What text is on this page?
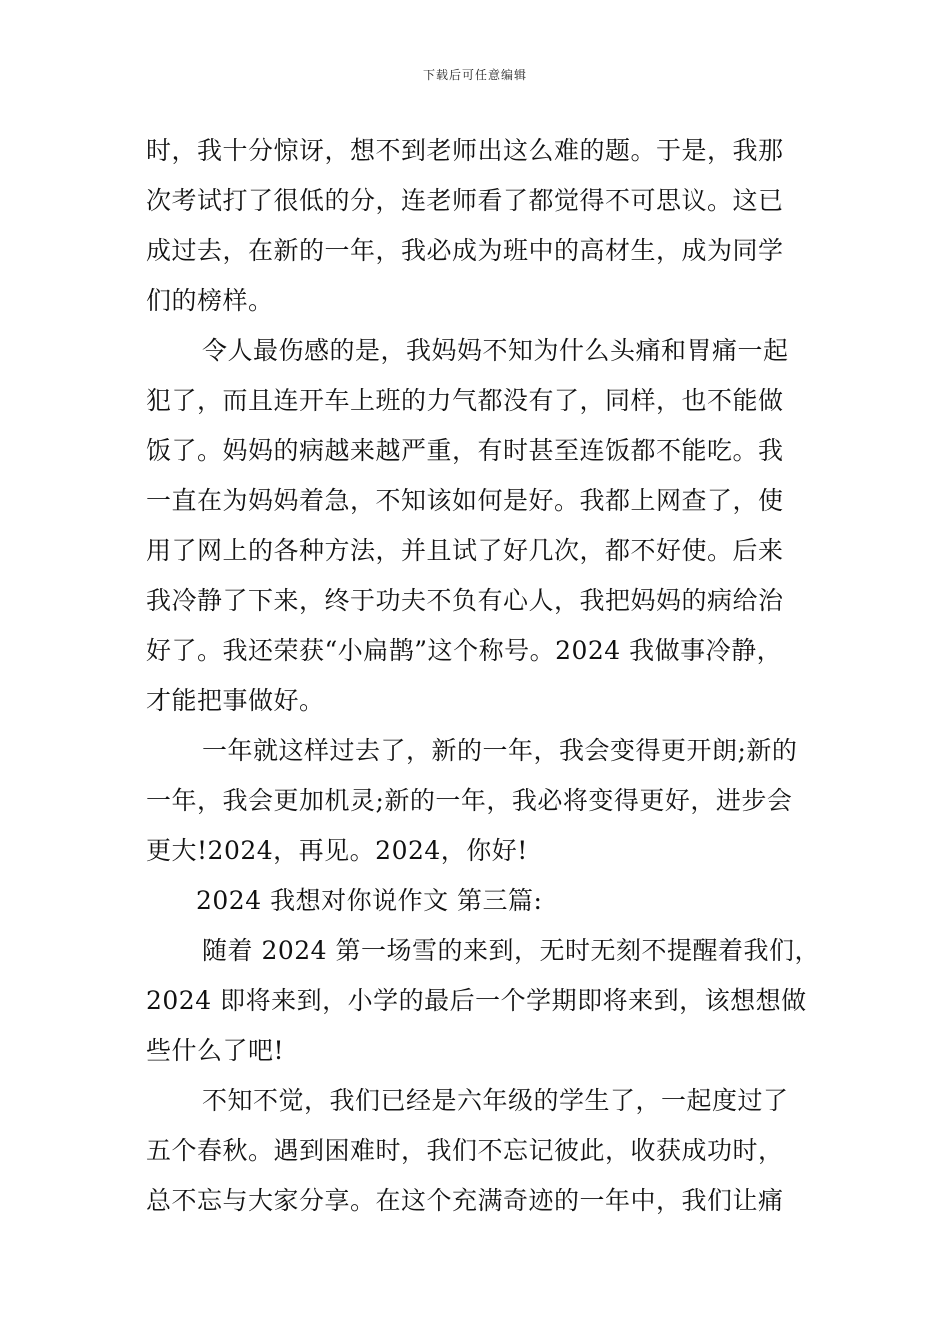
下载后可任意编辑
时，我十分惊讶，想不到老师出这么难的题。于是，我那
次考试打了很低的分，连老师看了都觉得不可思议。这已
成过去，在新的一年，我必成为班中的高材生，成为同学
们的榜样。
令人最伤感的是，我妈妈不知为什么头痛和胃痛一起
犯了，而且连开车上班的力气都没有了，同样，也不能做
饭了。妈妈的病越来越严重，有时甚至连饭都不能吃。我
一直在为妈妈着急，不知该如何是好。我都上网查了，使
用了网上的各种方法，并且试了好几次，都不好使。后来
我冷静了下来，终于功夫不负有心人，我把妈妈的病给治
好了。我还荣获“小扁鹊”这个称号。2024 我做事冷静，
才能把事做好。
一年就这样过去了，新的一年，我会变得更开朗;新的
一年，我会更加机灵;新的一年，我必将变得更好，进步会
更大!2024，再见。2024，你好!
2024 我想对你说作文 第三篇:
随着 2024 第一场雪的来到，无时无刻不提醒着我们，
2024 即将来到，小学的最后一个学期即将来到，该想想做
些什么了吧!
不知不觉，我们已经是六年级的学生了，一起度过了
五个春秋。遇到困难时，我们不忘记彼此，收获成功时，
总不忘与大家分享。在这个充满奇迹的一年中，我们让痛
